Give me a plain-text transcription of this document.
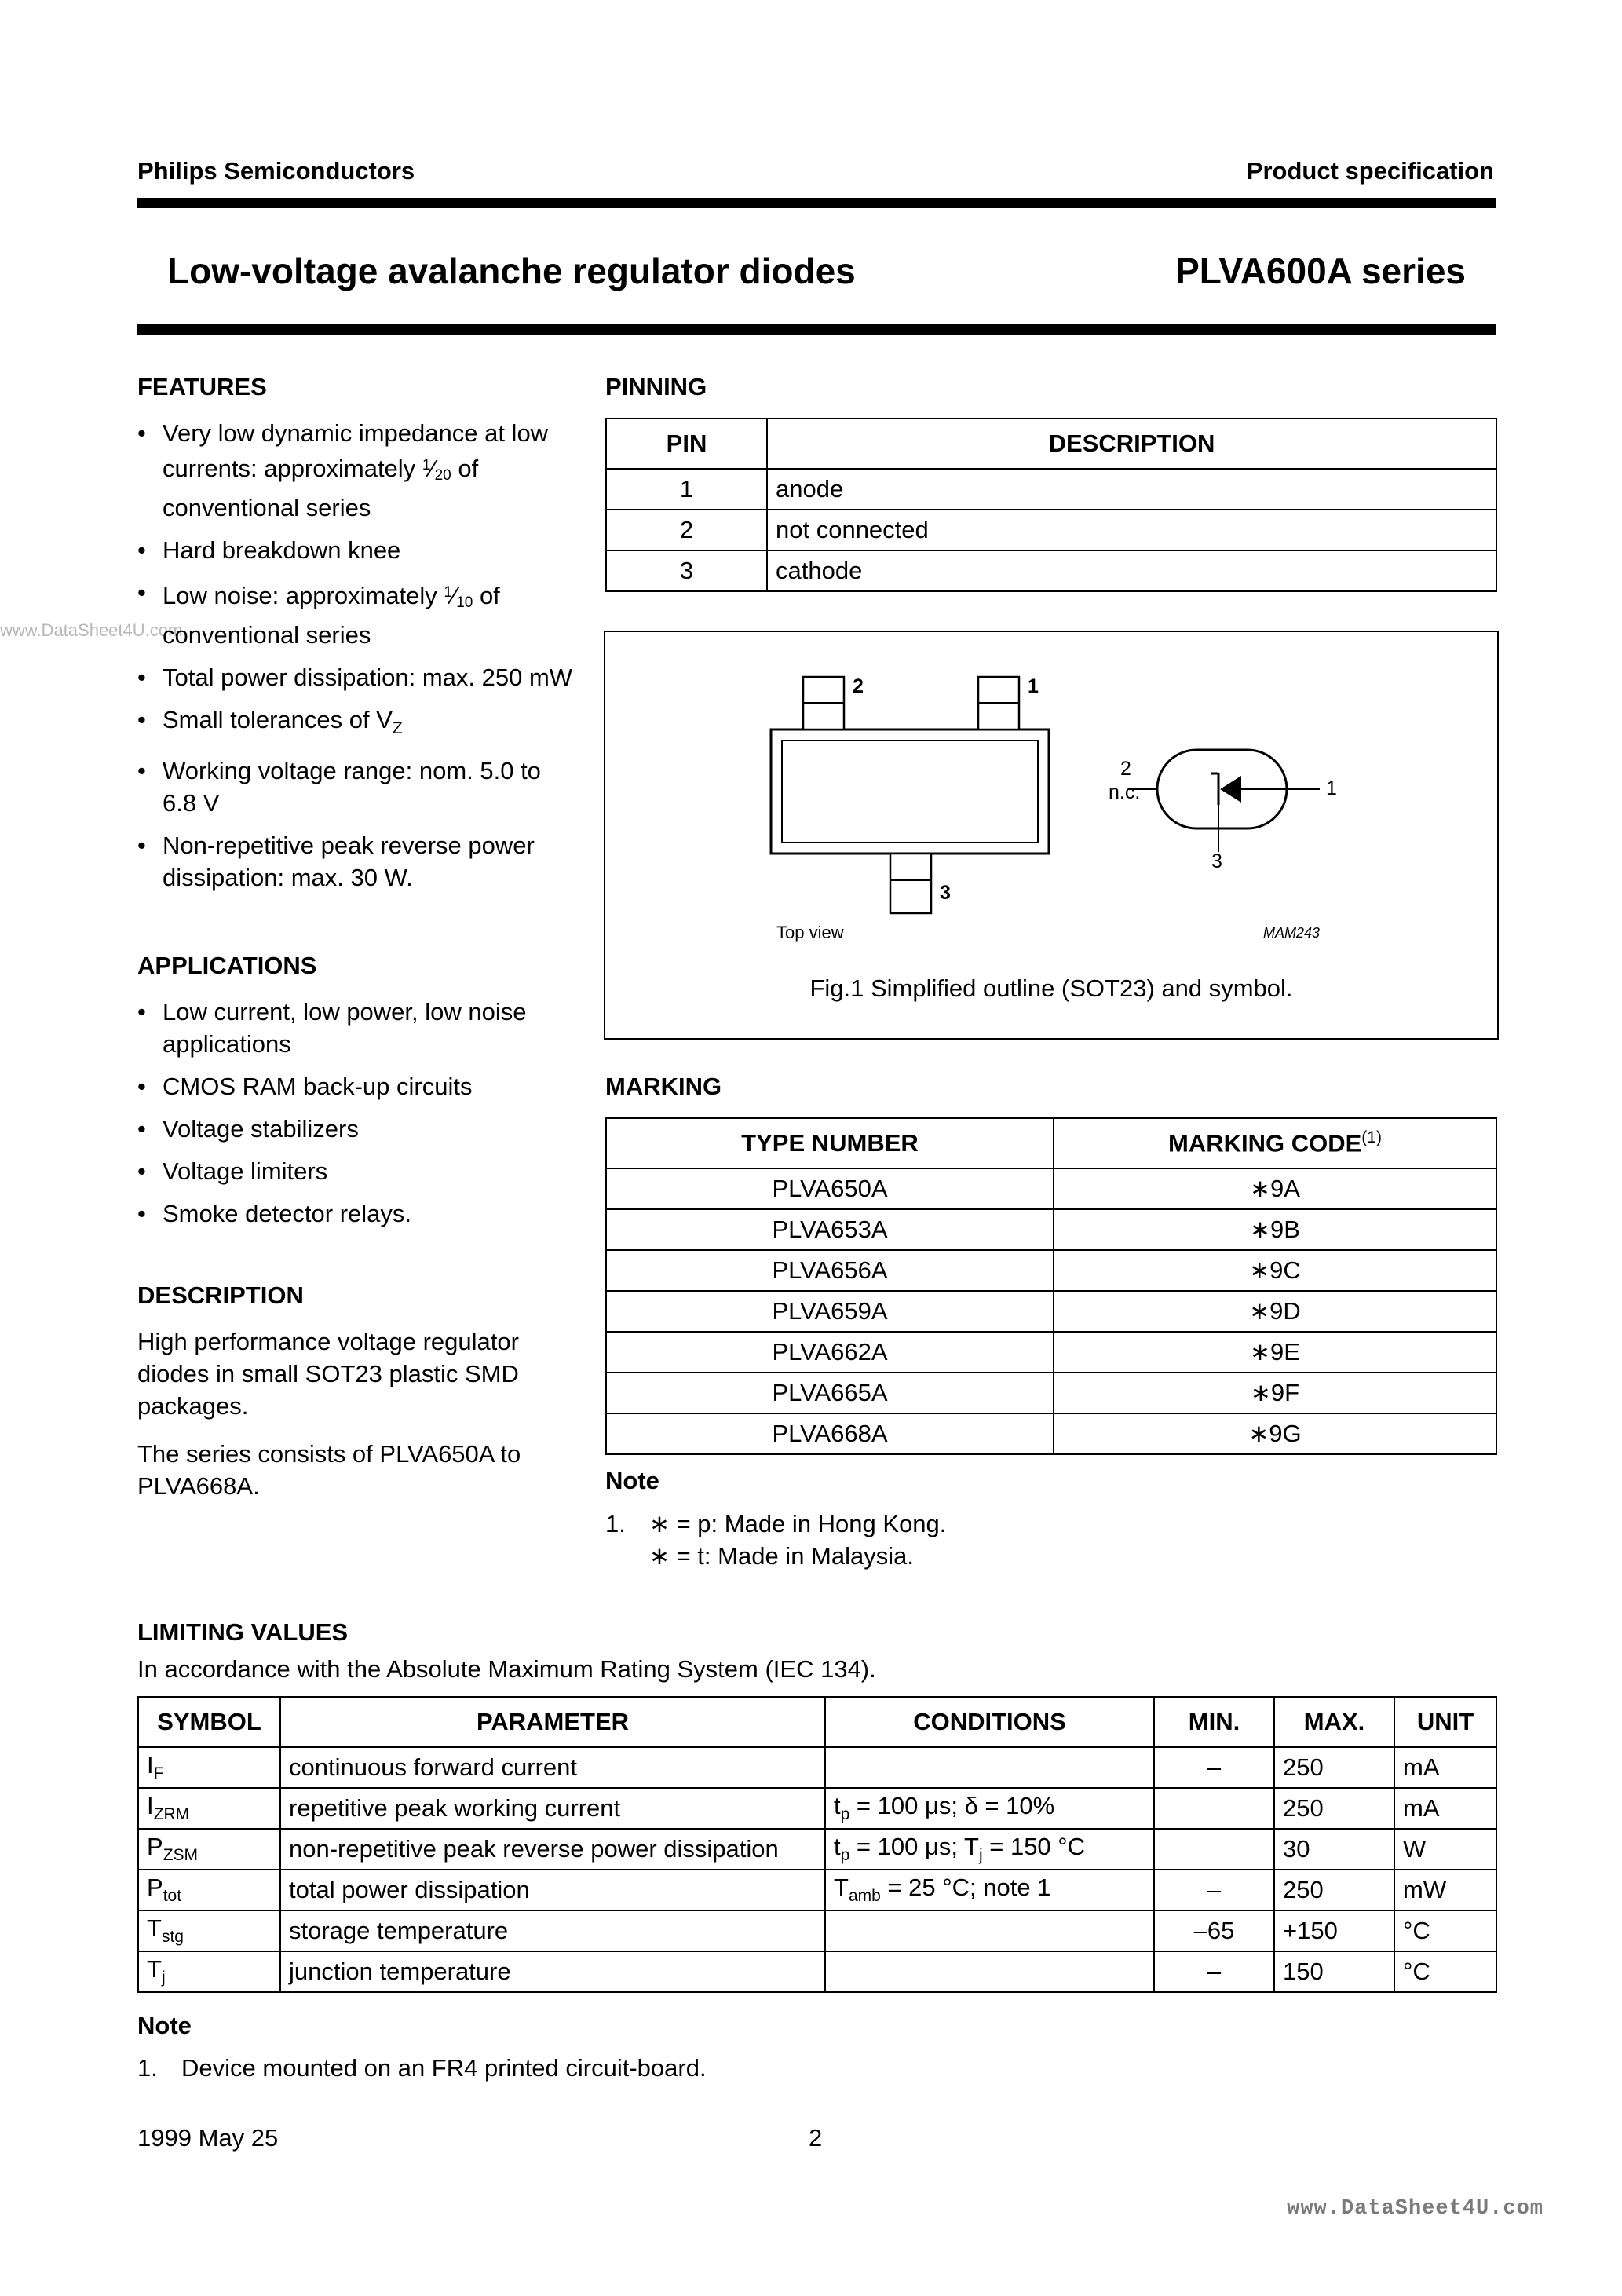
Philips Semiconductors	Product specification
Low-voltage avalanche regulator diodes	PLVA600A series
www.DataSheet4U.com
FEATURES
• Very low dynamic impedance at low currents: approximately $^1⁄_{20}$ of conventional series
• Hard breakdown knee
• Low noise: approximately $^1⁄_{10}$ of conventional series
• Total power dissipation: max. 250 mW
• Small tolerances of $V_Z$
• Working voltage range: nom. 5.0 to 6.8 V
• Non-repetitive peak reverse power dissipation: max. 30 W.
APPLICATIONS
• Low current, low power, low noise applications
• CMOS RAM back-up circuits
• Voltage stabilizers
• Voltage limiters
• Smoke detector relays.
DESCRIPTION
High performance voltage regulator diodes in small SOT23 plastic SMD packages.
The series consists of PLVA650A to PLVA668A.
PINNING
PIN	DESCRIPTION
1	anode
2	not connected
3	cathode
2	1
3
2
n.c.	1
3
Top view	MAM243
Fig.1 Simplified outline (SOT23) and symbol.
MARKING
TYPE NUMBER	MARKING CODE$^{(1)}$
PLVA650A	∗9A
PLVA653A	∗9B
PLVA656A	∗9C
PLVA659A	∗9D
PLVA662A	∗9E
PLVA665A	∗9F
PLVA668A	∗9G
Note
1. ∗ = p: Made in Hong Kong.
∗ = t: Made in Malaysia.
LIMITING VALUES
In accordance with the Absolute Maximum Rating System (IEC 134).
SYMBOL	PARAMETER	CONDITIONS	MIN.	MAX.	UNIT
$I_F$	continuous forward current		–	250	mA
$I_{ZRM}$	repetitive peak working current	$t_p = 100$ μs; δ = 10%		250	mA
$P_{ZSM}$	non-repetitive peak reverse power dissipation	$t_p = 100$ μs; $T_j = 150$ °C		30	W
$P_{tot}$	total power dissipation	$T_{amb} = 25$ °C; note 1	–	250	mW
$T_{stg}$	storage temperature		–65	+150	°C
$T_j$	junction temperature		–	150	°C
Note
1. Device mounted on an FR4 printed circuit-board.
1999 May 25	2
www.DataSheet4U.com
